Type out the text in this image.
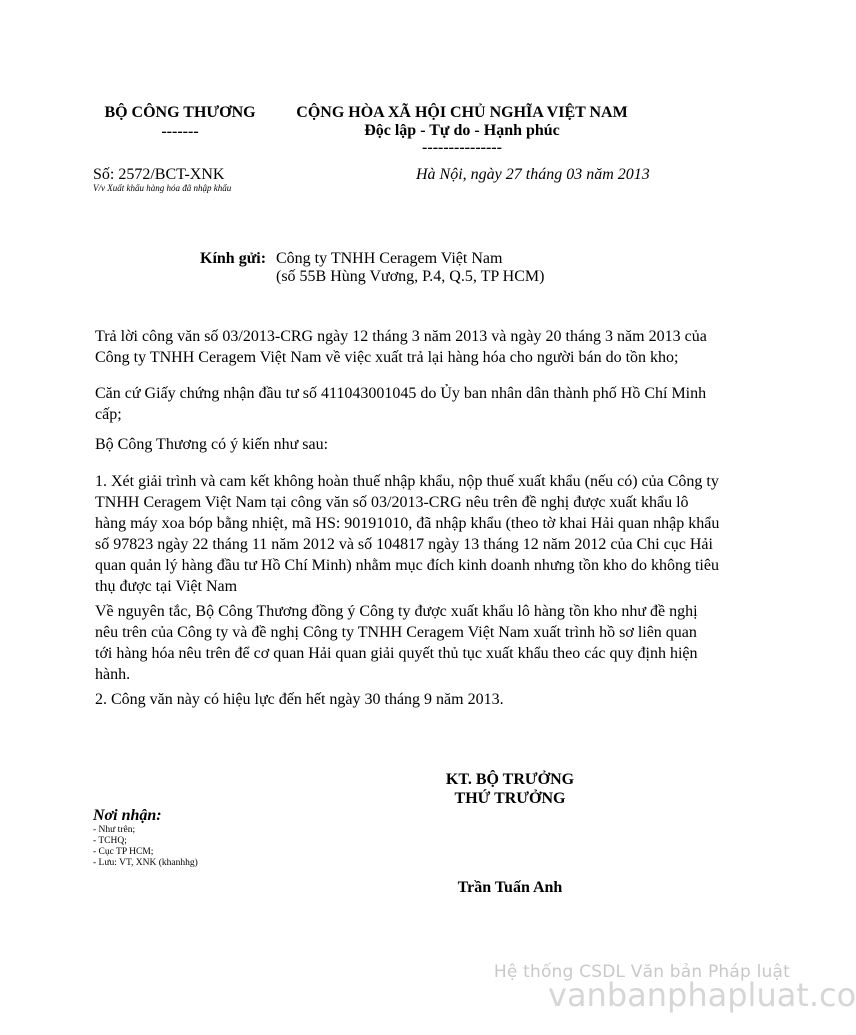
BỘ CÔNG THƯƠNG
-------
CỘNG HÒA XÃ HỘI CHỦ NGHĨA VIỆT NAM
Độc lập - Tự do - Hạnh phúc
---------------
Số: 2572/BCT-XNK
V/v Xuất khẩu hàng hóa đã nhập khẩu
Hà Nội, ngày 27 tháng 03 năm 2013
Kính gửi: Công ty TNHH Ceragem Việt Nam
(số 55B Hùng Vương, P.4, Q.5, TP HCM)
Trả lời công văn số 03/2013-CRG ngày 12 tháng 3 năm 2013 và ngày 20 tháng 3 năm 2013 của Công ty TNHH Ceragem Việt Nam về việc xuất trả lại hàng hóa cho người bán do tồn kho;
Căn cứ Giấy chứng nhận đầu tư số 411043001045 do Ủy ban nhân dân thành phố Hồ Chí Minh cấp;
Bộ Công Thương có ý kiến như sau:
1. Xét giải trình và cam kết không hoàn thuế nhập khẩu, nộp thuế xuất khẩu (nếu có) của Công ty TNHH Ceragem Việt Nam tại công văn số 03/2013-CRG nêu trên đề nghị được xuất khẩu lô hàng máy xoa bóp bằng nhiệt, mã HS: 90191010, đã nhập khẩu (theo tờ khai Hải quan nhập khẩu số 97823 ngày 22 tháng 11 năm 2012 và số 104817 ngày 13 tháng 12 năm 2012 của Chi cục Hải quan quản lý hàng đầu tư Hồ Chí Minh) nhằm mục đích kinh doanh nhưng tồn kho do không tiêu thụ được tại Việt Nam
Về nguyên tắc, Bộ Công Thương đồng ý Công ty được xuất khẩu lô hàng tồn kho như đề nghị nêu trên của Công ty và đề nghị Công ty TNHH Ceragem Việt Nam xuất trình hồ sơ liên quan tới hàng hóa nêu trên để cơ quan Hải quan giải quyết thủ tục xuất khẩu theo các quy định hiện hành.
2. Công văn này có hiệu lực đến hết ngày 30 tháng 9 năm 2013.
KT. BỘ TRƯỞNG
THỨ TRƯỞNG
Trần Tuấn Anh
Nơi nhận:
- Như trên;
- TCHQ;
- Cục TP HCM;
- Lưu: VT, XNK (khanhhg)
Hệ thống CSDL Văn bản Pháp luật
vanbanphapluat.co
